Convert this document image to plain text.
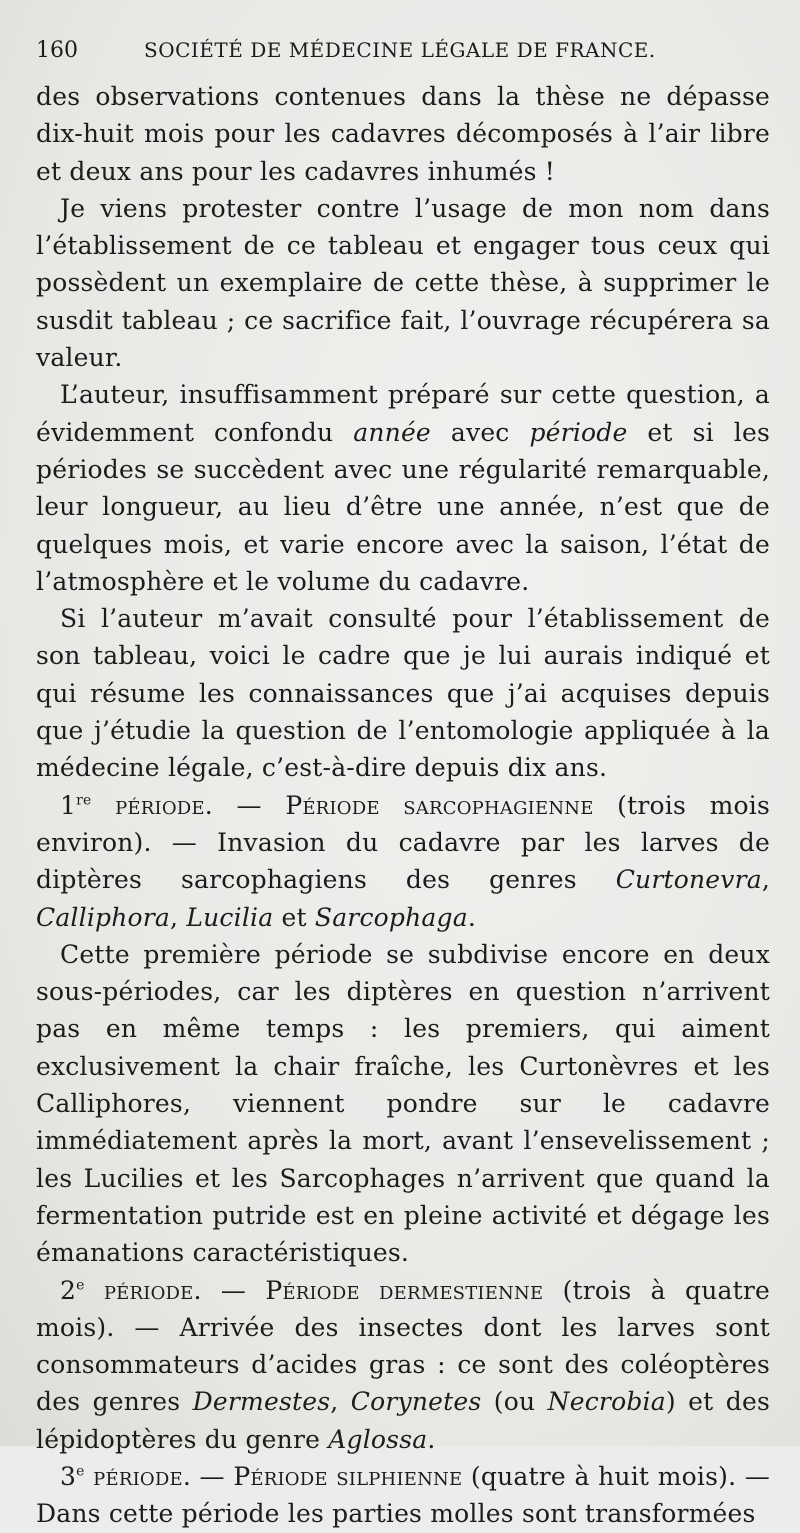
160	SOCIÉTÉ DE MÉDECINE LÉGALE DE FRANCE.

des observations contenues dans la thèse ne dépasse dix-huit mois pour les cadavres décomposés à l’air libre et deux ans pour les cadavres inhumés !

Je viens protester contre l’usage de mon nom dans l’établissement de ce tableau et engager tous ceux qui possèdent un exemplaire de cette thèse, à supprimer le susdit tableau ; ce sacrifice fait, l’ouvrage récupérera sa valeur.

L’auteur, insuffisamment préparé sur cette question, a évidemment confondu année avec période et si les périodes se succèdent avec une régularité remarquable, leur longueur, au lieu d’être une année, n’est que de quelques mois, et varie encore avec la saison, l’état de l’atmosphère et le volume du cadavre.

Si l’auteur m’avait consulté pour l’établissement de son tableau, voici le cadre que je lui aurais indiqué et qui résume les connaissances que j’ai acquises depuis que j’étudie la question de l’entomologie appliquée à la médecine légale, c’est-à-dire depuis dix ans.

1re période. — Période sarcophagienne (trois mois environ). — Invasion du cadavre par les larves de diptères sarcophagiens des genres Curtonevra, Calliphora, Lucilia et Sarcophaga.

Cette première période se subdivise encore en deux sous-périodes, car les diptères en question n’arrivent pas en même temps : les premiers, qui aiment exclusivement la chair fraîche, les Curtonèvres et les Calliphores, viennent pondre sur le cadavre immédiatement après la mort, avant l’ensevelissement ; les Lucilies et les Sarcophages n’arrivent que quand la fermentation putride est en pleine activité et dégage les émanations caractéristiques.

2e période. — Période dermestienne (trois à quatre mois). — Arrivée des insectes dont les larves sont consommateurs d’acides gras : ce sont des coléoptères des genres Dermestes, Corynetes (ou Necrobia) et des lépidoptères du genre Aglossa.

3e période. — Période silphienne (quatre à huit mois). — Dans cette période les parties molles sont transformées
